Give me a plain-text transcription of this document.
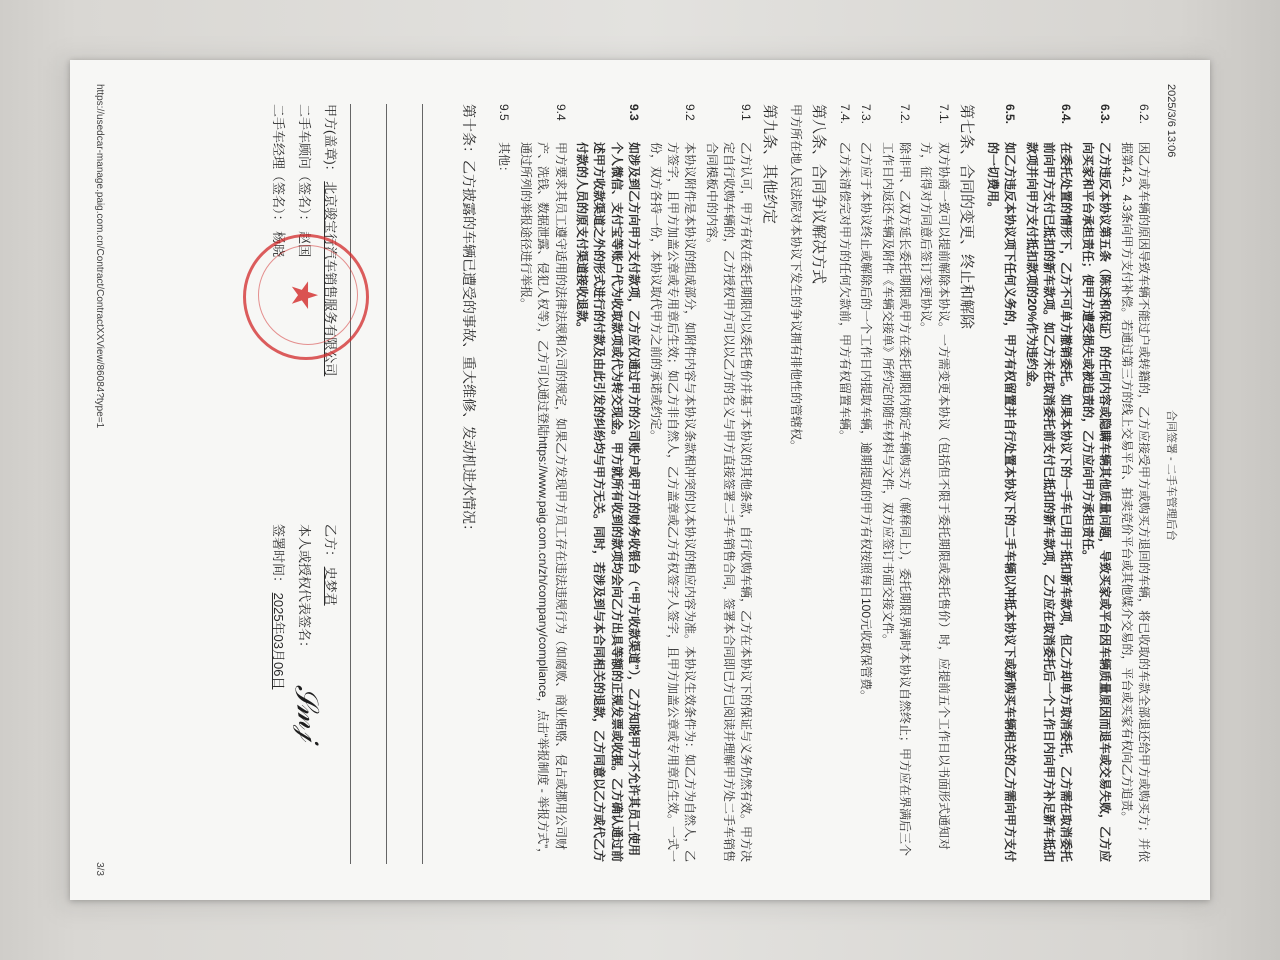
2025/3/6 13:06
合同签署 - 二手车管理后台
6.2.
因乙方或车辆的原因导致车辆不能过户或转籍的，乙方应接受甲方或购买方退回的车辆，将已收取的车款全部退还给甲方或购买方；并依据第4.2、4.3条向甲方支付补偿。若通过第三方的线上交易平台、拍卖竞价平台或其他媒介交易的，平台或买家有权向乙方追责。
6.3.
乙方违反本协议第五条（陈述和保证）的任何内容或隐瞒车辆其他质量问题，导致买家或平台因车辆质量原因而退车或交易失败，乙方应向买家和平台承担责任；使甲方遭受损失或被追责的，乙方应向甲方承担责任。
6.4.
在委托处置的情形下，乙方不可单方撤销委托。如果本协议下的一手车已用于抵扣新车款项，但乙方却单方取消委托，乙方需在取消委托前向甲方支付已抵扣的新车款项。如乙方未在取消委托前支付已抵扣的新车款项，乙方应在取消委托后一个工作日内向甲方补足新车抵扣款项并向甲方支付抵扣款项的20%作为违约金。
6.5.
如乙方违反本协议项下任何义务的，甲方有权留置并自行处置本协议下的二手车辆以冲抵本协议下或新购买车辆相关的乙方需向甲方支付的一切费用。
第七条、合同的变更、终止和解除
7.1.
双方协商一致可以提前解除本协议。一方需变更本协议（包括但不限于委托期限或委托售价）时，应提前五个工作日以书面形式通知对方，征得对方同意后签订变更协议。
7.2.
除非甲、乙双方延长委托期限或甲方在委托期限内锁定车辆购买方（解释同上），委托期限界满时本协议自然终止；甲方应在界满后三个工作日内返还车辆及附件《车辆交接单》所约定的随车材料与文件，双方应签订书面交接文件。
7.3.
乙方应于本协议终止或解除后的一个工作日内提取车辆，逾期提取的甲方有权按照每日100元收取保管费。
7.4.
乙方未清偿完对甲方的任何欠款前，甲方有权留置车辆。
第八条、合同争议解决方式
甲方所在地人民法院对本协议下发生的争议拥有排他性的管辖权。
第九条、其他约定
9.1
乙方认可，甲方有权在委托期限内以委托售价并基于本协议的其他条款，自行收购车辆，乙方在本协议下的保证与义务仍然有效。甲方决定自行收购车辆的，乙方授权甲方可以以乙方的名义与甲方直接签署二手车销售合同，签署本合同即已方已阅读并理解甲方处二手车销售合同模板中的内容。
9.2
本协议附件是本协议的组成部分，如附件内容与本协议条款相冲突的以本协议的相应内容为准。本协议生效条件为：如乙方为自然人，乙方签字，且甲方加盖公章或专用章后生效；如乙方非自然人，乙方盖章或乙方有权签字人签字，且甲方加盖公章或专用章后生效。一式一份，双方各持一份，本协议取代甲方之前的承诺或约定。
9.3
如涉及到乙方向甲方支付款项，乙方应仅通过甲方的公司账户或甲方的财务收银台（“甲方收款渠道”），乙方知晓甲方不允许其员工使用个人微信、支付宝等账户代为收取款项或代为转交现金。甲方就所有收到的款项均会向乙方出具等额的正规发票或收据。乙方确认通过前述甲方收款渠道之外的形式进行的付款及由此引发的纠纷均与甲方无关。同时，若涉及到与本合同相关的退款，乙方同意以乙方或代乙方付款的人员的原支付渠道接收退款。
9.4
甲方要求其员工遵守适用的法律法规和公司的规定，如果乙方发现甲方员工存在违法违规行为（如腐败、商业贿赂、侵占或挪用公司财产、洗钱、数据泄露、侵犯人权等），乙方可以通过登陆https://www.paig.com.cn/zh/company/compliance，点击“举报制度 - 举报方式”，通过所列的举报途径进行举报。
9.5
其他：
第十条：乙方披露的车辆已遭受的事故、重大维修、发动机进水情况：
甲方(盖章)： 北京骏宝行汽车销售服务有限公司
二手车顾问（签名）： 赵国
二手车经理（签名）： 杨晓
乙方： 史梦君
本人或授权代表签名：
𝒮𝓂𝒿
签署时间： 2025年03月06日
★
https://usedcar-manage.paig.com.cn/Contract/ContractXXView/86084?type=1
3/3
